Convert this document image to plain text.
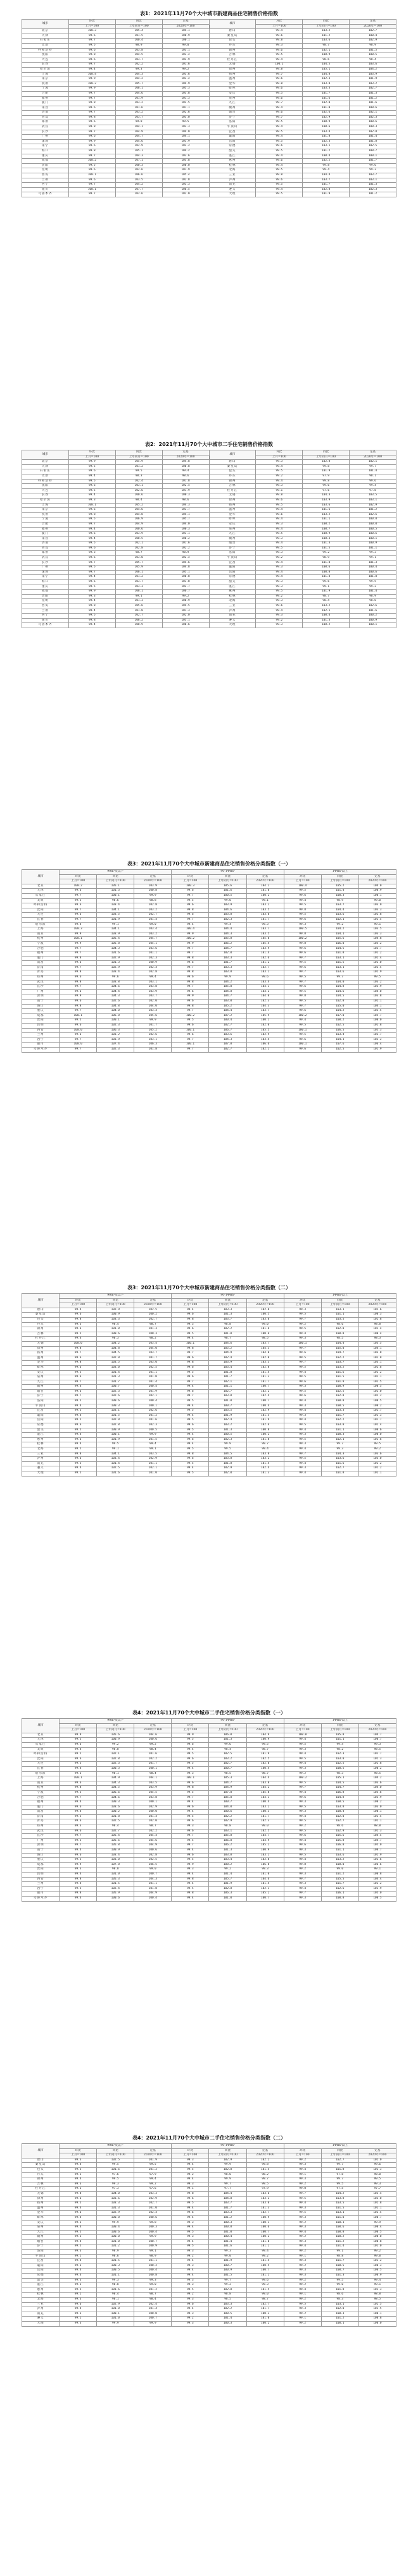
表1：2021年11月70个大中城市新建商品住宅销售价格指数
城市	环比	同比	定基	城市	环比	同比	定基
	上月=100	上年同月=100	2020年=100		上月=100	上年同月=100	2020年=100
北京	100.3	105.4	104.1	唐山	99.4	103.2	102.7
天津	99.6	101.5	100.9	秦皇岛	99.6	101.2	100.4
石家庄	99.7	100.4	100.1	包头	99.8	103.6	102.9
太原	99.5	98.9	99.0	丹东	99.3	98.7	98.9
呼和浩特	99.6	103.8	103.1	锦州	99.6	102.1	101.5
沈阳	99.8	104.5	103.4	吉林	99.5	100.9	100.5
大连	99.6	103.7	102.9	牡丹江	99.4	98.6	98.4
长春	99.7	102.2	101.6	无锡	100.1	104.5	103.6
哈尔滨	99.4	99.3	99.2	徐州	99.8	105.1	104.2
上海	100.4	104.3	103.6	扬州	99.7	104.8	103.9
南京	99.9	104.2	103.4	温州	99.6	102.3	101.9
杭州	100.2	105.7	104.9	金华	99.8	103.8	103.2
宁波	99.9	106.1	105.3	蚌埠	99.6	103.3	102.7
合肥	99.7	104.6	103.8	安庆	99.5	101.7	101.3
福州	99.7	101.9	101.3	泉州	99.6	101.6	101.2
厦门	99.8	103.2	102.5	九江	99.7	102.0	101.6
南昌	99.6	101.6	101.1	赣州	99.4	101.0	100.6
济南	99.7	103.2	102.6	烟台	99.6	102.6	102.1
青岛	99.8	103.7	103.0	济宁	99.7	102.9	102.3
郑州	99.6	99.8	99.5	洛阳	99.5	100.9	100.6
武汉	99.8	104.1	103.3	平顶山	99.4	100.6	100.3
长沙	99.7	104.9	104.0	宜昌	99.5	103.4	102.8
广州	99.6	104.7	104.1	襄阳	99.4	101.8	101.4
深圳	99.9	104.6	103.9	岳阳	99.5	102.3	101.8
南宁	99.6	102.9	102.2	常德	99.6	103.1	102.5
海口	99.8	105.1	104.2	韶关	99.5	101.2	100.7
重庆	99.7	104.3	103.6	湛江	99.4	100.4	100.1
成都	100.2	107.1	105.8	惠州	99.6	102.2	101.7
贵阳	99.5	100.3	100.0	桂林	99.4	99.8	99.6
昆明	99.6	102.6	101.9	北海	99.5	99.4	99.3
西安	100.1	106.6	105.4	三亚	99.8	104.4	103.7
兰州	99.6	103.5	102.8	泸州	99.6	103.7	103.1
西宁	99.7	104.2	103.3	南充	99.5	101.7	101.3
银川	100.1	107.7	106.5	遵义	99.4	102.8	102.3
乌鲁木齐	99.7	102.6	102.0	大理	99.5	101.9	101.2
表2：2021年11月70个大中城市二手住宅销售价格指数
城市	环比	同比	定基	城市	环比	同比	定基
	上月=100	上年同月=100	2020年=100		上月=100	上年同月=100	2020年=100
北京	99.9	105.9	104.8	唐山	99.3	102.8	102.1
天津	99.5	101.2	100.8	秦皇岛	99.4	99.8	99.7
石家庄	99.6	99.5	99.4	包头	99.5	101.9	101.4
太原	99.4	98.3	98.6	丹东	99.2	97.9	98.1
呼和浩特	99.5	102.4	101.8	锦州	99.4	99.8	99.6
沈阳	99.6	103.1	102.4	吉林	99.3	99.6	99.4
大连	99.5	102.6	101.9	牡丹江	99.1	97.6	97.8
长春	99.4	100.6	100.3	无锡	99.8	104.3	103.5
哈尔滨	99.3	98.4	98.6	徐州	99.6	103.9	103.1
上海	100.1	105.2	104.3	扬州	99.5	103.6	102.9
南京	99.6	104.6	103.7	温州	99.4	101.6	101.2
杭州	99.8	104.8	104.1	金华	99.6	103.2	102.6
宁波	99.5	106.9	105.7	蚌埠	99.4	101.1	100.8
合肥	99.7	104.9	104.0	安庆	99.3	100.2	100.0
福州	99.4	100.6	100.3	泉州	99.4	100.7	100.5
厦门	99.6	103.9	103.1	九江	99.5	100.9	100.6
南昌	99.4	100.5	100.2	赣州	99.3	100.3	100.1
济南	99.5	102.1	101.6	烟台	99.4	101.3	100.9
青岛	99.6	102.8	102.2	济宁	99.5	101.5	101.1
郑州	99.3	98.7	98.9	洛阳	99.3	99.2	99.3
武汉	99.6	103.0	102.4	平顶山	99.2	98.9	99.1
长沙	99.7	105.7	104.6	宜昌	99.4	101.8	101.3
广州	99.5	105.9	104.8	襄阳	99.3	100.6	100.4
深圳	99.7	106.1	105.1	岳阳	99.4	100.8	100.6
南宁	99.4	101.2	100.8	常德	99.4	101.4	101.0
海口	99.6	103.7	103.0	韶关	99.3	99.6	99.5
重庆	99.5	103.3	102.7	湛江	99.3	99.1	99.2
成都	99.9	108.1	106.7	惠州	99.5	101.9	101.4
贵阳	99.3	99.1	99.2	桂林	99.2	98.7	98.9
昆明	99.4	101.3	100.9	北海	99.3	98.4	98.6
西安	99.8	105.6	104.5	三亚	99.6	103.2	102.6
兰州	99.4	101.8	101.3	泸州	99.4	102.1	101.6
西宁	99.5	102.7	102.0	南充	99.3	100.4	100.2
银川	99.8	106.2	105.1	遵义	99.2	101.3	100.9
乌鲁木齐	99.4	100.9	100.6	大理	99.3	100.2	100.1
表3：2021年11月70个大中城市新建商品住宅销售价格分类指数（一）
城市	90m²及以下			90-144m²			144m²以上		
	环比	同比	定基	环比	同比	定基	环比	同比	定基
	上月=100	上年同月=100	2020年=100	上月=100	上年同月=100	2020年=100	上月=100	上年同月=100	2020年=100
北京	100.2	105.1	103.9	100.3	105.6	104.2	100.4	105.2	104.0
天津	99.6	101.3	100.8	99.6	101.6	101.0	99.5	101.4	100.9
石家庄	99.7	100.1	99.9	99.7	100.5	100.2	99.6	100.3	100.1
太原	99.5	98.6	98.8	99.5	99.0	99.1	99.4	98.9	99.0
呼和浩特	99.6	103.4	102.8	99.6	103.9	103.2	99.5	103.7	103.0
沈阳	99.7	104.1	103.2	99.8	104.6	103.5	99.8	104.4	103.3
大连	99.6	103.5	102.7	99.6	103.8	103.0	99.5	103.6	102.8
长春	99.7	101.9	101.4	99.7	102.3	101.7	99.6	102.1	101.5
哈尔滨	99.4	99.1	99.0	99.4	99.4	99.3	99.3	99.2	99.1
上海	100.3	104.1	103.4	100.4	104.4	103.7	100.5	104.2	103.5
南京	99.9	103.9	103.2	99.9	104.3	103.5	99.8	104.1	103.3
杭州	100.1	105.4	104.7	100.2	105.8	105.0	100.2	105.6	104.8
宁波	99.9	105.8	105.1	99.9	106.2	105.4	99.8	106.0	105.2
合肥	99.7	104.3	103.6	99.7	104.7	103.9	99.6	104.5	103.7
福州	99.7	101.6	101.1	99.7	102.0	101.4	99.6	101.8	101.2
厦门	99.8	102.9	102.3	99.8	103.3	102.6	99.7	103.1	102.4
南昌	99.6	101.3	100.9	99.6	101.7	101.2	99.5	101.5	101.0
济南	99.7	102.9	102.4	99.7	103.3	102.7	99.6	103.1	102.5
青岛	99.8	103.4	102.8	99.8	103.8	103.1	99.7	103.6	102.9
郑州	99.6	99.6	99.4	99.6	99.9	99.6	99.5	99.7	99.5
武汉	99.8	103.8	103.1	99.8	104.2	103.4	99.7	104.0	103.2
长沙	99.7	104.6	103.8	99.7	105.0	104.1	99.6	104.8	103.9
广州	99.6	104.4	103.9	99.6	104.8	104.2	99.5	104.6	104.0
深圳	99.9	104.3	103.7	99.9	104.7	104.0	99.8	104.5	103.8
南宁	99.6	102.6	102.0	99.6	103.0	102.3	99.5	102.8	102.1
海口	99.8	104.8	104.0	99.8	105.2	104.3	99.7	105.0	104.1
重庆	99.7	104.0	103.4	99.7	104.4	103.7	99.6	104.2	103.5
成都	100.1	106.8	105.6	100.2	107.2	105.9	100.2	107.0	105.7
贵阳	99.5	100.1	99.9	99.5	100.4	100.1	99.4	100.2	100.0
昆明	99.6	102.3	101.7	99.6	102.7	102.0	99.5	102.5	101.8
西安	100.0	106.3	105.2	100.1	106.7	105.5	100.1	106.5	105.3
兰州	99.6	103.2	102.6	99.6	103.6	102.9	99.5	103.4	102.7
西宁	99.7	103.9	103.1	99.7	104.3	103.4	99.6	104.1	103.2
银川	100.0	107.4	106.3	100.1	107.8	106.6	100.1	107.6	106.4
乌鲁木齐	99.7	102.3	101.8	99.7	102.7	102.1	99.6	102.5	101.9
表3：2021年11月70个大中城市新建商品住宅销售价格分类指数（二）
城市	90m²及以下			90-144m²			144m²以上		
	环比	同比	定基	环比	同比	定基	环比	同比	定基
	上月=100	上年同月=100	2020年=100	上月=100	上年同月=100	2020年=100	上月=100	上年同月=100	2020年=100
唐山	99.4	102.9	102.5	99.4	103.3	102.8	99.3	103.1	102.6
秦皇岛	99.6	100.9	100.2	99.6	101.3	100.5	99.5	101.1	100.3
包头	99.8	103.3	102.7	99.8	103.7	103.0	99.7	103.5	102.8
丹东	99.3	98.4	98.7	99.3	98.8	99.0	99.2	98.6	98.8
锦州	99.6	101.8	101.3	99.6	102.2	101.6	99.5	102.0	101.4
吉林	99.5	100.6	100.3	99.5	101.0	100.6	99.4	100.8	100.4
牡丹江	99.4	98.3	98.2	99.4	98.7	98.5	99.3	98.5	98.3
无锡	100.0	104.2	103.4	100.1	104.6	103.7	100.1	104.4	103.5
徐州	99.8	104.8	104.0	99.8	105.2	104.3	99.7	105.0	104.1
扬州	99.7	104.5	103.7	99.7	104.9	104.0	99.6	104.7	103.8
温州	99.6	102.0	101.7	99.6	102.4	102.0	99.5	102.2	101.8
金华	99.8	103.5	103.0	99.8	103.9	103.3	99.7	103.7	103.1
蚌埠	99.6	103.0	102.5	99.6	103.4	102.8	99.5	103.2	102.6
安庆	99.5	101.4	101.1	99.5	101.8	101.4	99.4	101.6	101.2
泉州	99.6	101.3	101.0	99.6	101.7	101.3	99.5	101.5	101.1
九江	99.7	101.7	101.4	99.7	102.1	101.7	99.6	101.9	101.5
赣州	99.4	100.7	100.4	99.4	101.1	100.7	99.3	100.9	100.5
烟台	99.6	102.3	101.9	99.6	102.7	102.2	99.5	102.5	102.0
济宁	99.7	102.6	102.1	99.7	103.0	102.4	99.6	102.8	102.2
洛阳	99.5	100.6	100.4	99.5	101.0	100.7	99.4	100.8	100.5
平顶山	99.4	100.3	100.1	99.4	100.7	100.4	99.3	100.5	100.2
宜昌	99.5	103.1	102.6	99.5	103.5	102.9	99.4	103.3	102.7
襄阳	99.4	101.5	101.2	99.4	101.9	101.5	99.3	101.7	101.3
岳阳	99.5	102.0	101.6	99.5	102.4	101.9	99.4	102.2	101.7
常德	99.6	102.8	102.3	99.6	103.2	102.6	99.5	103.0	102.4
韶关	99.5	100.9	100.5	99.5	101.3	100.8	99.4	101.1	100.6
湛江	99.4	100.1	99.9	99.4	100.5	100.2	99.3	100.3	100.0
惠州	99.6	101.9	101.5	99.6	102.3	101.8	99.5	102.1	101.6
桂林	99.4	99.5	99.4	99.4	99.9	99.7	99.3	99.7	99.5
北海	99.5	99.1	99.1	99.5	99.5	99.4	99.4	99.3	99.2
三亚	99.8	104.1	103.5	99.8	104.5	103.8	99.7	104.3	103.6
泸州	99.6	103.4	102.9	99.6	103.8	103.2	99.5	103.6	103.0
南充	99.5	101.4	101.1	99.5	101.8	101.4	99.4	101.6	101.2
遵义	99.4	102.5	102.1	99.4	102.9	102.4	99.3	102.7	102.2
大理	99.5	101.6	101.0	99.5	102.0	101.3	99.4	101.8	101.1
表4：2021年11月70个大中城市二手住宅销售价格分类指数（一）
城市	90m²及以下			90-144m²			144m²以上		
	环比	同比	定基	环比	同比	定基	环比	同比	定基
	上月=100	上年同月=100	2020年=100	上月=100	上年同月=100	2020年=100	上月=100	上年同月=100	2020年=100
北京	99.9	105.6	104.6	99.9	106.0	104.9	100.0	105.8	104.7
天津	99.5	100.9	100.6	99.5	101.3	100.9	99.4	101.1	100.7
石家庄	99.6	99.2	99.2	99.6	99.6	99.5	99.5	99.4	99.3
太原	99.4	98.0	98.4	99.4	98.4	98.7	99.3	98.2	98.5
呼和浩特	99.5	102.1	101.6	99.5	102.5	101.9	99.4	102.3	101.7
沈阳	99.6	102.8	102.2	99.6	103.2	102.5	99.5	103.0	102.3
大连	99.5	102.3	101.7	99.5	102.7	102.0	99.4	102.5	101.8
长春	99.4	100.3	100.1	99.4	100.7	100.4	99.3	100.5	100.2
哈尔滨	99.3	98.1	98.4	99.3	98.5	98.7	99.2	98.3	98.5
上海	100.1	104.9	104.1	100.1	105.3	104.4	100.2	105.1	104.2
南京	99.6	104.3	103.5	99.6	104.7	103.8	99.5	104.5	103.6
杭州	99.8	104.5	103.9	99.8	104.9	104.2	99.7	104.7	104.0
宁波	99.5	106.6	105.5	99.5	107.0	105.8	99.4	106.8	105.6
合肥	99.7	104.6	103.8	99.7	105.0	104.1	99.6	104.8	103.9
福州	99.4	100.3	100.1	99.4	100.7	100.4	99.3	100.5	100.2
厦门	99.6	103.6	102.9	99.6	104.0	103.2	99.5	103.8	103.0
南昌	99.4	100.2	100.0	99.4	100.6	100.3	99.3	100.4	100.1
济南	99.5	101.8	101.4	99.5	102.2	101.7	99.4	102.0	101.5
青岛	99.6	102.5	102.0	99.6	102.9	102.3	99.5	102.7	102.1
郑州	99.3	98.4	98.7	99.3	98.8	99.0	99.2	98.6	98.8
武汉	99.6	102.7	102.2	99.6	103.1	102.5	99.5	102.9	102.3
长沙	99.7	105.4	104.4	99.7	105.8	104.7	99.6	105.6	104.5
广州	99.5	105.6	104.6	99.5	106.0	104.9	99.4	105.8	104.7
深圳	99.7	105.8	104.9	99.7	106.2	105.2	99.6	106.0	105.0
南宁	99.4	100.9	100.6	99.4	101.3	100.9	99.3	101.1	100.7
海口	99.6	103.4	102.8	99.6	103.8	103.1	99.5	103.6	102.9
重庆	99.5	103.0	102.5	99.5	103.4	102.8	99.4	103.2	102.6
成都	99.9	107.8	106.5	99.9	108.2	106.8	99.8	108.0	106.6
贵阳	99.3	98.8	99.0	99.3	99.2	99.3	99.2	99.0	99.1
昆明	99.4	101.0	100.7	99.4	101.4	101.0	99.3	101.2	100.8
西安	99.8	105.3	104.3	99.8	105.7	104.6	99.7	105.5	104.4
兰州	99.4	101.5	101.1	99.4	101.9	101.4	99.3	101.7	101.2
西宁	99.5	102.4	101.8	99.5	102.8	102.1	99.4	102.6	101.9
银川	99.8	105.9	104.9	99.8	106.3	105.2	99.7	106.1	105.0
乌鲁木齐	99.4	100.6	100.4	99.4	101.0	100.7	99.3	100.8	100.5
表4：2021年11月70个大中城市二手住宅销售价格分类指数（二）
城市	90m²及以下			90-144m²			144m²以上		
	环比	同比	定基	环比	同比	定基	环比	同比	定基
	上月=100	上年同月=100	2020年=100	上月=100	上年同月=100	2020年=100	上月=100	上年同月=100	2020年=100
唐山	99.3	102.5	101.9	99.3	102.9	102.2	99.2	102.7	102.0
秦皇岛	99.4	99.5	99.5	99.4	99.9	99.8	99.3	99.7	99.6
包头	99.5	101.6	101.2	99.5	102.0	101.5	99.4	101.8	101.3
丹东	99.2	97.6	97.9	99.2	98.0	98.2	99.1	97.8	98.0
锦州	99.4	99.5	99.4	99.4	99.9	99.7	99.3	99.7	99.5
吉林	99.3	99.3	99.2	99.3	99.7	99.5	99.2	99.5	99.3
牡丹江	99.1	97.3	97.6	99.1	97.7	97.9	99.0	97.5	97.7
无锡	99.8	104.0	103.3	99.8	104.4	103.6	99.7	104.2	103.4
徐州	99.6	103.6	102.9	99.6	104.0	103.2	99.5	103.8	103.0
扬州	99.5	103.3	102.7	99.5	103.7	103.0	99.4	103.5	102.8
温州	99.4	101.3	101.0	99.4	101.7	101.3	99.3	101.5	101.1
金华	99.6	102.9	102.4	99.6	103.3	102.7	99.5	103.1	102.5
蚌埠	99.4	100.8	100.6	99.4	101.2	100.9	99.3	101.0	100.7
安庆	99.3	99.9	99.8	99.3	100.3	100.1	99.2	100.1	99.9
泉州	99.4	100.4	100.3	99.4	100.8	100.6	99.3	100.6	100.4
九江	99.5	100.6	100.4	99.5	101.0	100.7	99.4	100.8	100.5
赣州	99.3	100.0	99.9	99.3	100.4	100.2	99.2	100.2	100.0
烟台	99.4	101.0	100.7	99.4	101.4	101.0	99.3	101.2	100.8
济宁	99.5	101.2	100.9	99.5	101.6	101.2	99.4	101.4	101.0
洛阳	99.3	98.9	99.1	99.3	99.3	99.4	99.2	99.1	99.2
平顶山	99.2	98.6	98.9	99.2	99.0	99.2	99.1	98.8	99.0
宜昌	99.4	101.5	101.1	99.4	101.9	101.4	99.3	101.7	101.2
襄阳	99.3	100.3	100.2	99.3	100.7	100.5	99.2	100.5	100.3
岳阳	99.4	100.5	100.4	99.4	100.9	100.7	99.3	100.7	100.5
常德	99.4	101.1	100.8	99.4	101.5	101.1	99.3	101.3	100.9
韶关	99.3	99.3	99.3	99.3	99.7	99.6	99.2	99.5	99.4
湛江	99.3	98.8	99.0	99.3	99.2	99.3	99.2	99.0	99.1
惠州	99.5	101.6	101.2	99.5	102.0	101.5	99.4	101.8	101.3
桂林	99.2	98.4	98.7	99.2	98.8	99.0	99.1	98.6	98.8
北海	99.3	98.1	98.4	99.3	98.5	98.7	99.2	98.3	98.5
三亚	99.6	102.9	102.4	99.6	103.3	102.7	99.5	103.1	102.5
泸州	99.4	101.8	101.4	99.4	102.2	101.7	99.3	102.0	101.5
南充	99.3	100.1	100.0	99.3	100.5	100.3	99.2	100.3	100.1
遵义	99.2	101.0	100.7	99.2	101.4	101.0	99.1	101.2	100.8
大理	99.3	99.9	99.9	99.3	100.3	100.2	99.2	100.1	100.0
